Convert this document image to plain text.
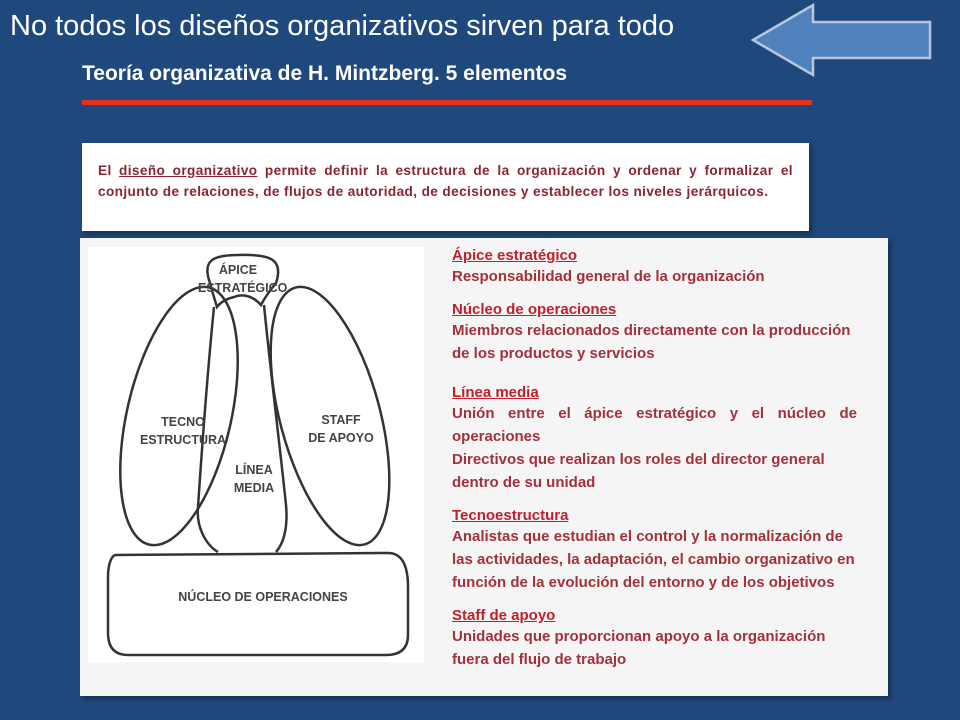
No todos los diseños organizativos sirven para todo
Teoría organizativa de H. Mintzberg. 5 elementos
El diseño organizativo permite definir la estructura de la organización y ordenar y formalizar el conjunto de relaciones, de flujos de autoridad, de decisiones y establecer los niveles jerárquicos.
ÁPICE
ESTRATÉGICO
TECNO
ESTRUCTURA
STAFF
DE APOYO
LÍNEA
MEDIA
NÚCLEO DE OPERACIONES
Ápice estratégico
Responsabilidad general de la organización
Núcleo de operaciones
Miembros relacionados directamente con la producción de los productos y servicios
Línea media
Unión entre el ápice estratégico y el núcleo de operaciones
Directivos que realizan los roles del director general dentro de su unidad
Tecnoestructura
Analistas que estudian el control y la normalización de las actividades, la adaptación, el cambio organizativo en función de la evolución del entorno y de los objetivos
Staff de apoyo
Unidades que proporcionan apoyo a la organización fuera del flujo de trabajo
